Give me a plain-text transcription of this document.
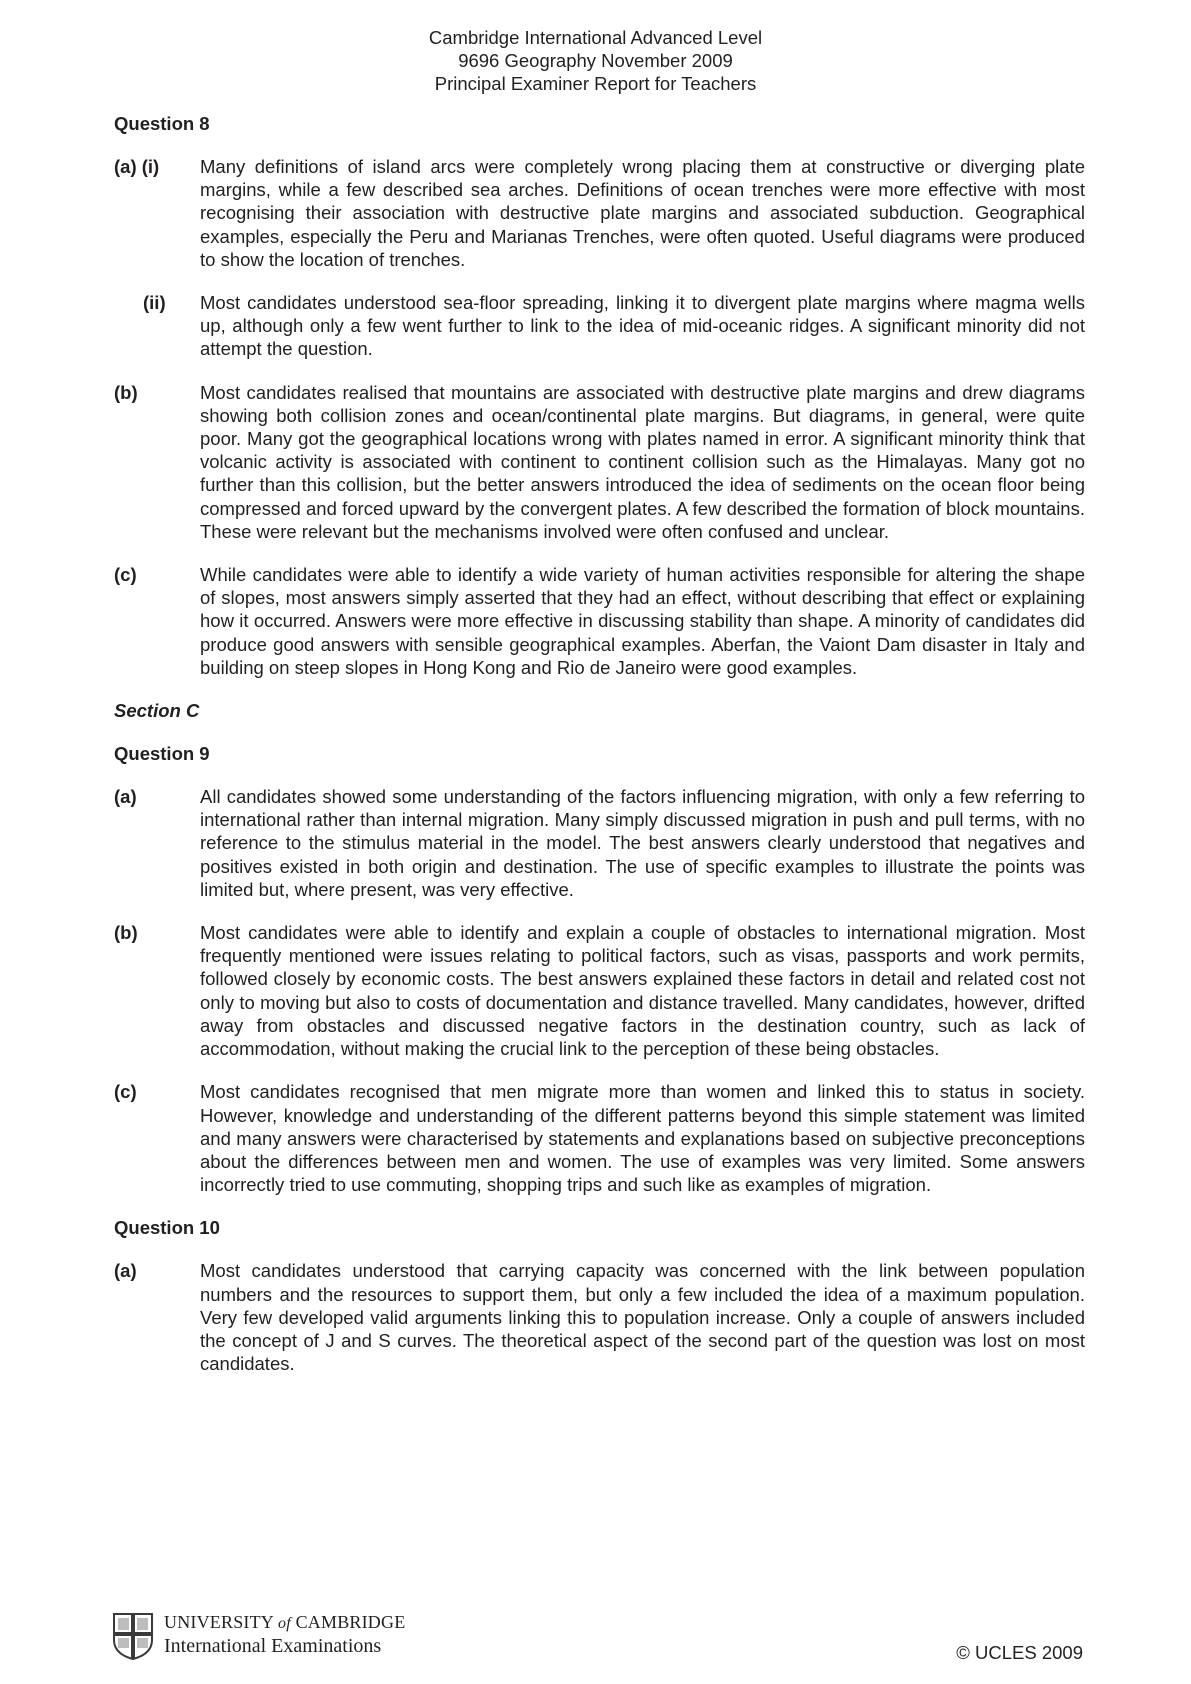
Cambridge International Advanced Level
9696 Geography November 2009
Principal Examiner Report for Teachers
Question 8
(a) (i)	Many definitions of island arcs were completely wrong placing them at constructive or diverging plate margins, while a few described sea arches. Definitions of ocean trenches were more effective with most recognising their association with destructive plate margins and associated subduction. Geographical examples, especially the Peru and Marianas Trenches, were often quoted. Useful diagrams were produced to show the location of trenches.
(ii)	Most candidates understood sea-floor spreading, linking it to divergent plate margins where magma wells up, although only a few went further to link to the idea of mid-oceanic ridges. A significant minority did not attempt the question.
(b)	Most candidates realised that mountains are associated with destructive plate margins and drew diagrams showing both collision zones and ocean/continental plate margins. But diagrams, in general, were quite poor. Many got the geographical locations wrong with plates named in error. A significant minority think that volcanic activity is associated with continent to continent collision such as the Himalayas. Many got no further than this collision, but the better answers introduced the idea of sediments on the ocean floor being compressed and forced upward by the convergent plates. A few described the formation of block mountains. These were relevant but the mechanisms involved were often confused and unclear.
(c)	While candidates were able to identify a wide variety of human activities responsible for altering the shape of slopes, most answers simply asserted that they had an effect, without describing that effect or explaining how it occurred. Answers were more effective in discussing stability than shape. A minority of candidates did produce good answers with sensible geographical examples. Aberfan, the Vaiont Dam disaster in Italy and building on steep slopes in Hong Kong and Rio de Janeiro were good examples.
Section C
Question 9
(a)	All candidates showed some understanding of the factors influencing migration, with only a few referring to international rather than internal migration. Many simply discussed migration in push and pull terms, with no reference to the stimulus material in the model. The best answers clearly understood that negatives and positives existed in both origin and destination. The use of specific examples to illustrate the points was limited but, where present, was very effective.
(b)	Most candidates were able to identify and explain a couple of obstacles to international migration. Most frequently mentioned were issues relating to political factors, such as visas, passports and work permits, followed closely by economic costs. The best answers explained these factors in detail and related cost not only to moving but also to costs of documentation and distance travelled. Many candidates, however, drifted away from obstacles and discussed negative factors in the destination country, such as lack of accommodation, without making the crucial link to the perception of these being obstacles.
(c)	Most candidates recognised that men migrate more than women and linked this to status in society. However, knowledge and understanding of the different patterns beyond this simple statement was limited and many answers were characterised by statements and explanations based on subjective preconceptions about the differences between men and women. The use of examples was very limited. Some answers incorrectly tried to use commuting, shopping trips and such like as examples of migration.
Question 10
(a)	Most candidates understood that carrying capacity was concerned with the link between population numbers and the resources to support them, but only a few included the idea of a maximum population. Very few developed valid arguments linking this to population increase. Only a couple of answers included the concept of J and S curves. The theoretical aspect of the second part of the question was lost on most candidates.
UNIVERSITY of CAMBRIDGE
International Examinations	© UCLES 2009
